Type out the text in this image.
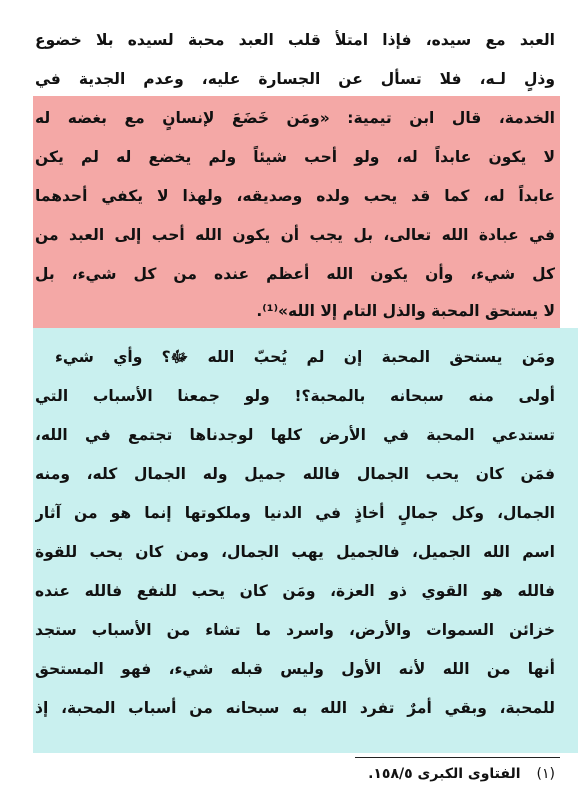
العبد مع سيده، فإذا امتلأ قلب العبد محبة لسيده بلا خضوع
وذلٍ لـه، فلا تسأل عن الجسارة عليه، وعدم الجدية في
الخدمة، قال ابن تيمية: «ومَن خَضَعَ لإنسانٍ مع بغضه له
لا يكون عابداً له، ولو أحب شيئاً ولم يخضع له لم يكن
عابداً له، كما قد يحب ولده وصديقه، ولهذا لا يكفي أحدهما
في عبادة الله تعالى، بل يجب أن يكون الله أحب إلى العبد من
كل شيء، وأن يكون الله أعظم عنده من كل شيء، بل
لا يستحق المحبة والذل التام إلا الله»⁽¹⁾.
ومَن يستحق المحبة إن لم يُحبّ الله ﷻ؟ وأي شيء
أولى منه سبحانه بالمحبة؟! ولو جمعنا الأسباب التي
تستدعي المحبة في الأرض كلها لوجدناها تجتمع في الله،
فمَن كان يحب الجمال فالله جميل وله الجمال كله، ومنه
الجمال، وكل جمالٍ أخاذٍ في الدنيا وملكوتها إنما هو من آثار
اسم الله الجميل، فالجميل يهب الجمال، ومن كان يحب للقوة
فالله هو القوي ذو العزة، ومَن كان يحب للنفع فالله عنده
خزائن السموات والأرض، واسرد ما تشاء من الأسباب ستجد
أنها من الله لأنه الأول وليس قبله شيء، فهو المستحق
للمحبة، وبقي أمرٌ تفرد الله به سبحانه من أسباب المحبة، إذ
(١)الفتاوى الكبرى ١٥٨/٥.
